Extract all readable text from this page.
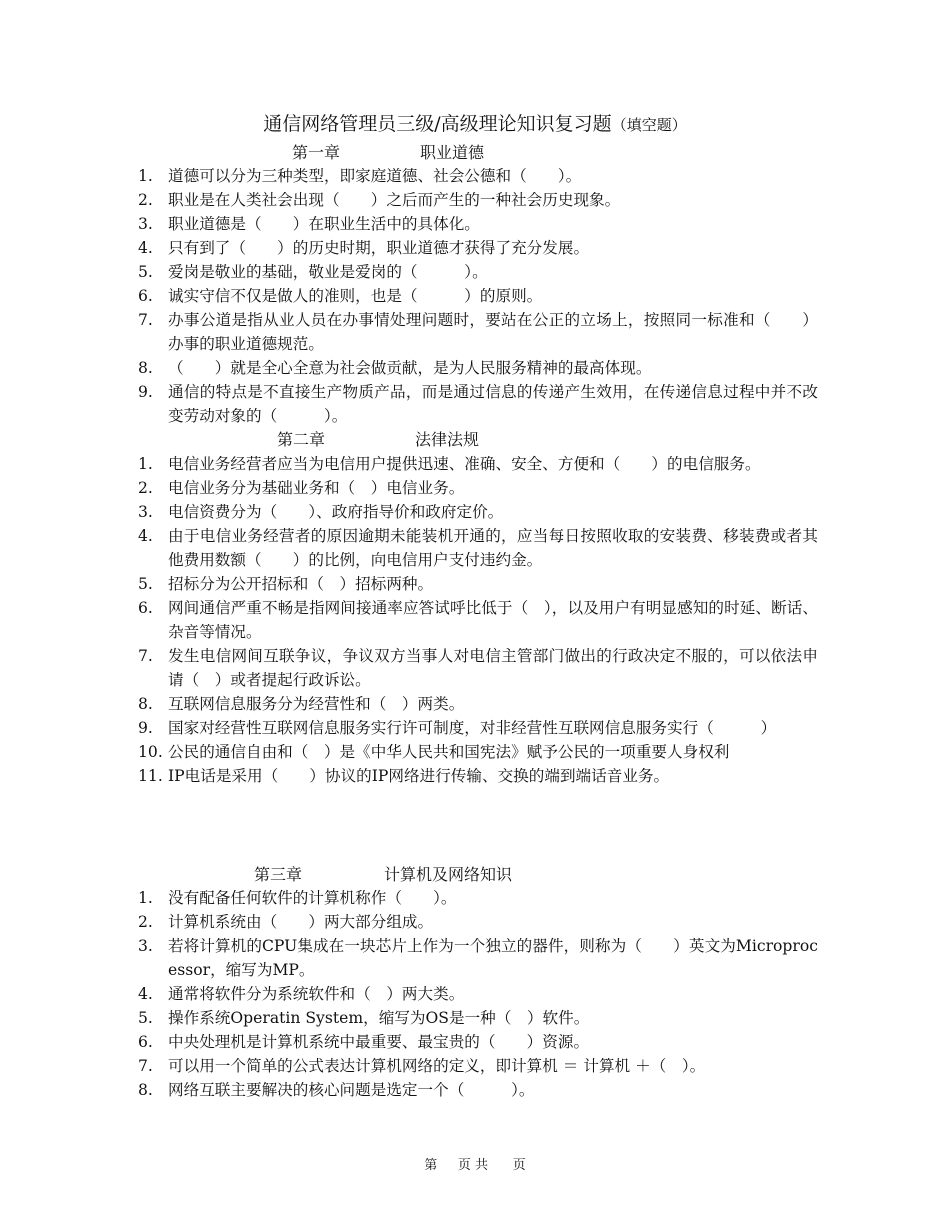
通信网络管理员三级/高级理论知识复习题（填空题）
第一章	职业道德
1. 道德可以分为三种类型，即家庭道德、社会公德和（　　）。
2. 职业是在人类社会出现（　　）之后而产生的一种社会历史现象。
3. 职业道德是（　　）在职业生活中的具体化。
4. 只有到了（　　）的历史时期，职业道德才获得了充分发展。
5. 爱岗是敬业的基础，敬业是爱岗的（　　　）。
6. 诚实守信不仅是做人的准则，也是（　　　）的原则。
7. 办事公道是指从业人员在办事情处理问题时，要站在公正的立场上，按照同一标准和（　　）办事的职业道德规范。
8. （　　）就是全心全意为社会做贡献，是为人民服务精神的最高体现。
9. 通信的特点是不直接生产物质产品，而是通过信息的传递产生效用，在传递信息过程中并不改变劳动对象的（　　　）。
第二章	法律法规
1. 电信业务经营者应当为电信用户提供迅速、准确、安全、方便和（　　）的电信服务。
2. 电信业务分为基础业务和（　）电信业务。
3. 电信资费分为（　　）、政府指导价和政府定价。
4. 由于电信业务经营者的原因逾期未能装机开通的，应当每日按照收取的安装费、移装费或者其他费用数额（　　）的比例，向电信用户支付违约金。
5. 招标分为公开招标和（　）招标两种。
6. 网间通信严重不畅是指网间接通率应答试呼比低于（　），以及用户有明显感知的时延、断话、杂音等情况。
7. 发生电信网间互联争议，争议双方当事人对电信主管部门做出的行政决定不服的，可以依法申请（　）或者提起行政诉讼。
8. 互联网信息服务分为经营性和（　）两类。
9. 国家对经营性互联网信息服务实行许可制度，对非经营性互联网信息服务实行（　　　）
10. 公民的通信自由和（　）是《中华人民共和国宪法》赋予公民的一项重要人身权利
11. IP电话是采用（　　）协议的IP网络进行传输、交换的端到端话音业务。
第三章	计算机及网络知识
1. 没有配备任何软件的计算机称作（　　）。
2. 计算机系统由（　　）两大部分组成。
3. 若将计算机的CPU集成在一块芯片上作为一个独立的器件，则称为（　　）英文为Microprocessor，缩写为MP。
4. 通常将软件分为系统软件和（　）两大类。
5. 操作系统Operatin System，缩写为OS是一种（　）软件。
6. 中央处理机是计算机系统中最重要、最宝贵的（　　）资源。
7. 可以用一个简单的公式表达计算机网络的定义，即计算机 ＝ 计算机 ＋（　）。
8. 网络互联主要解决的核心问题是选定一个（　　　）。
第     页 共      页
